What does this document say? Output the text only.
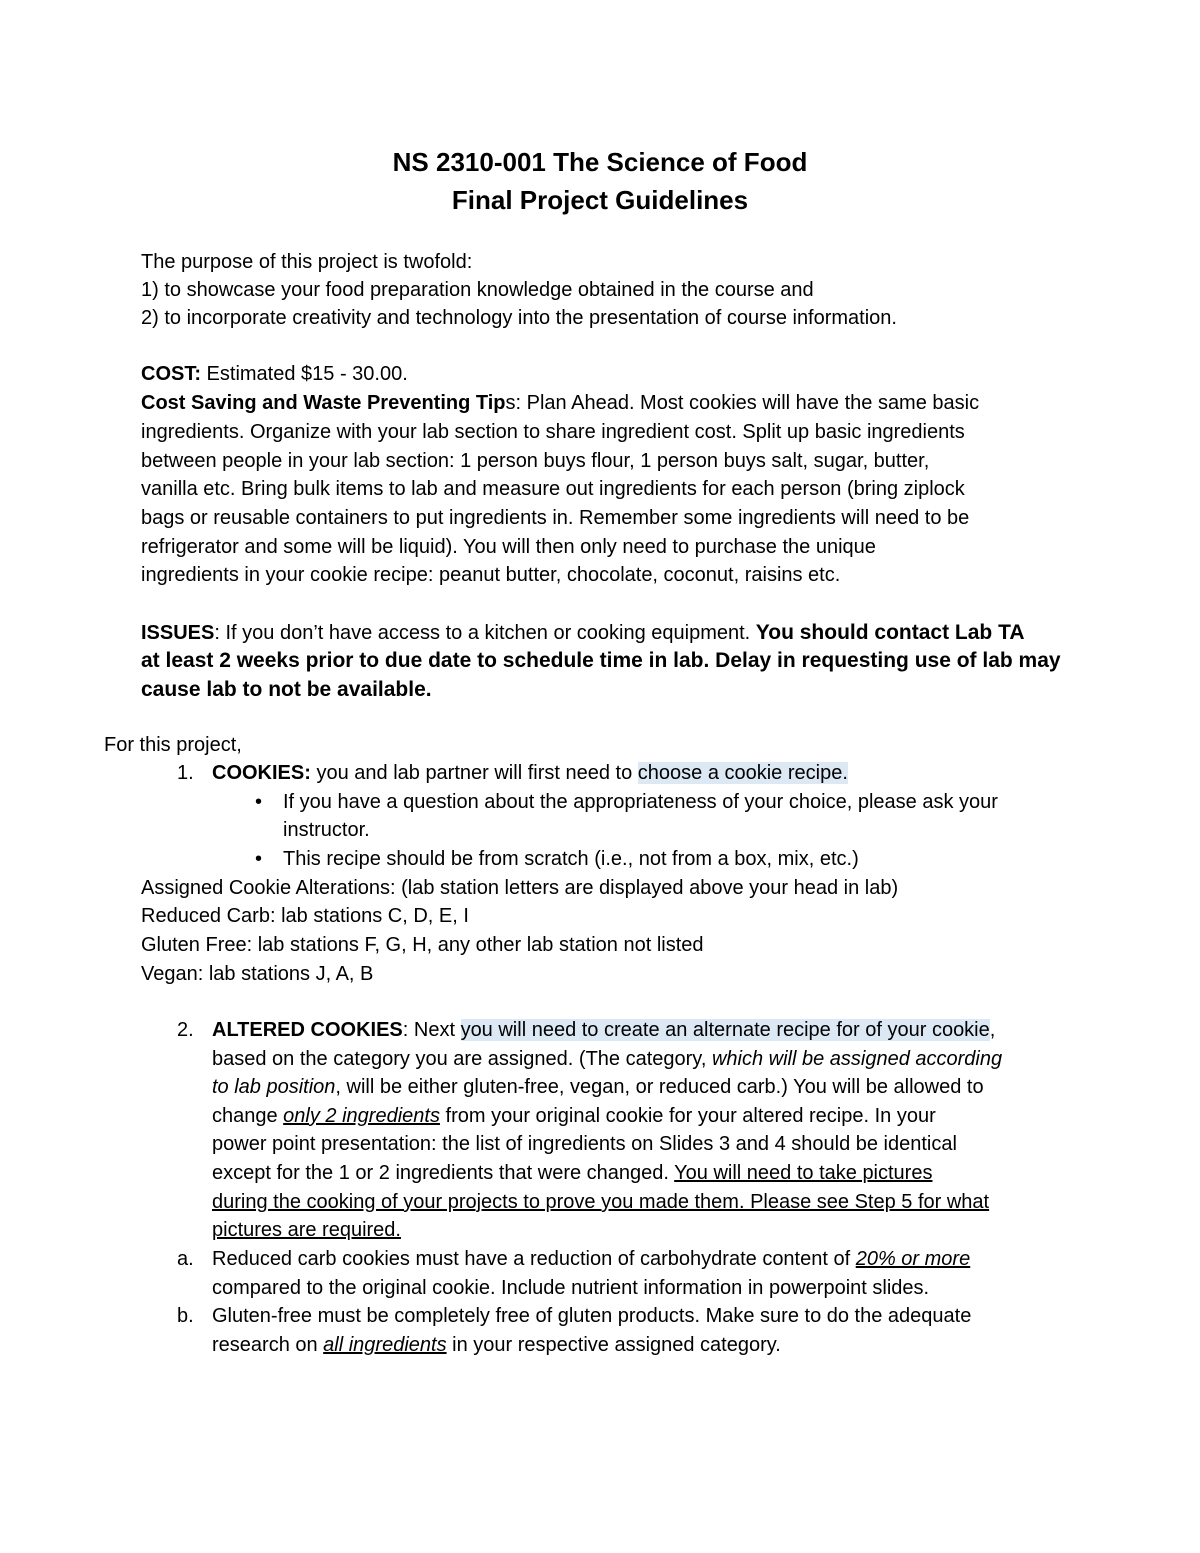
NS 2310-001 The Science of Food
Final Project Guidelines
The purpose of this project is twofold:
1) to showcase your food preparation knowledge obtained in the course and
2) to incorporate creativity and technology into the presentation of course information.
COST: Estimated $15 - 30.00.
Cost Saving and Waste Preventing Tips: Plan Ahead. Most cookies will have the same basic
ingredients. Organize with your lab section to share ingredient cost. Split up basic ingredients
between people in your lab section: 1 person buys flour, 1 person buys salt, sugar, butter,
vanilla etc. Bring bulk items to lab and measure out ingredients for each person (bring ziplock
bags or reusable containers to put ingredients in. Remember some ingredients will need to be
refrigerator and some will be liquid). You will then only need to purchase the unique
ingredients in your cookie recipe: peanut butter, chocolate, coconut, raisins etc.
ISSUES: If you don’t have access to a kitchen or cooking equipment. You should contact Lab TA
at least 2 weeks prior to due date to schedule time in lab. Delay in requesting use of lab may
cause lab to not be available.
For this project,
1. COOKIES: you and lab partner will first need to choose a cookie recipe.
• If you have a question about the appropriateness of your choice, please ask your
instructor.
• This recipe should be from scratch (i.e., not from a box, mix, etc.)
Assigned Cookie Alterations: (lab station letters are displayed above your head in lab)
Reduced Carb: lab stations C, D, E, I
Gluten Free: lab stations F, G, H, any other lab station not listed
Vegan: lab stations J, A, B
2. ALTERED COOKIES: Next you will need to create an alternate recipe for of your cookie,
based on the category you are assigned. (The category, which will be assigned according
to lab position, will be either gluten-free, vegan, or reduced carb.) You will be allowed to
change only 2 ingredients from your original cookie for your altered recipe. In your
power point presentation: the list of ingredients on Slides 3 and 4 should be identical
except for the 1 or 2 ingredients that were changed. You will need to take pictures
during the cooking of your projects to prove you made them. Please see Step 5 for what
pictures are required.
a. Reduced carb cookies must have a reduction of carbohydrate content of 20% or more
compared to the original cookie. Include nutrient information in powerpoint slides.
b. Gluten-free must be completely free of gluten products. Make sure to do the adequate
research on all ingredients in your respective assigned category.
